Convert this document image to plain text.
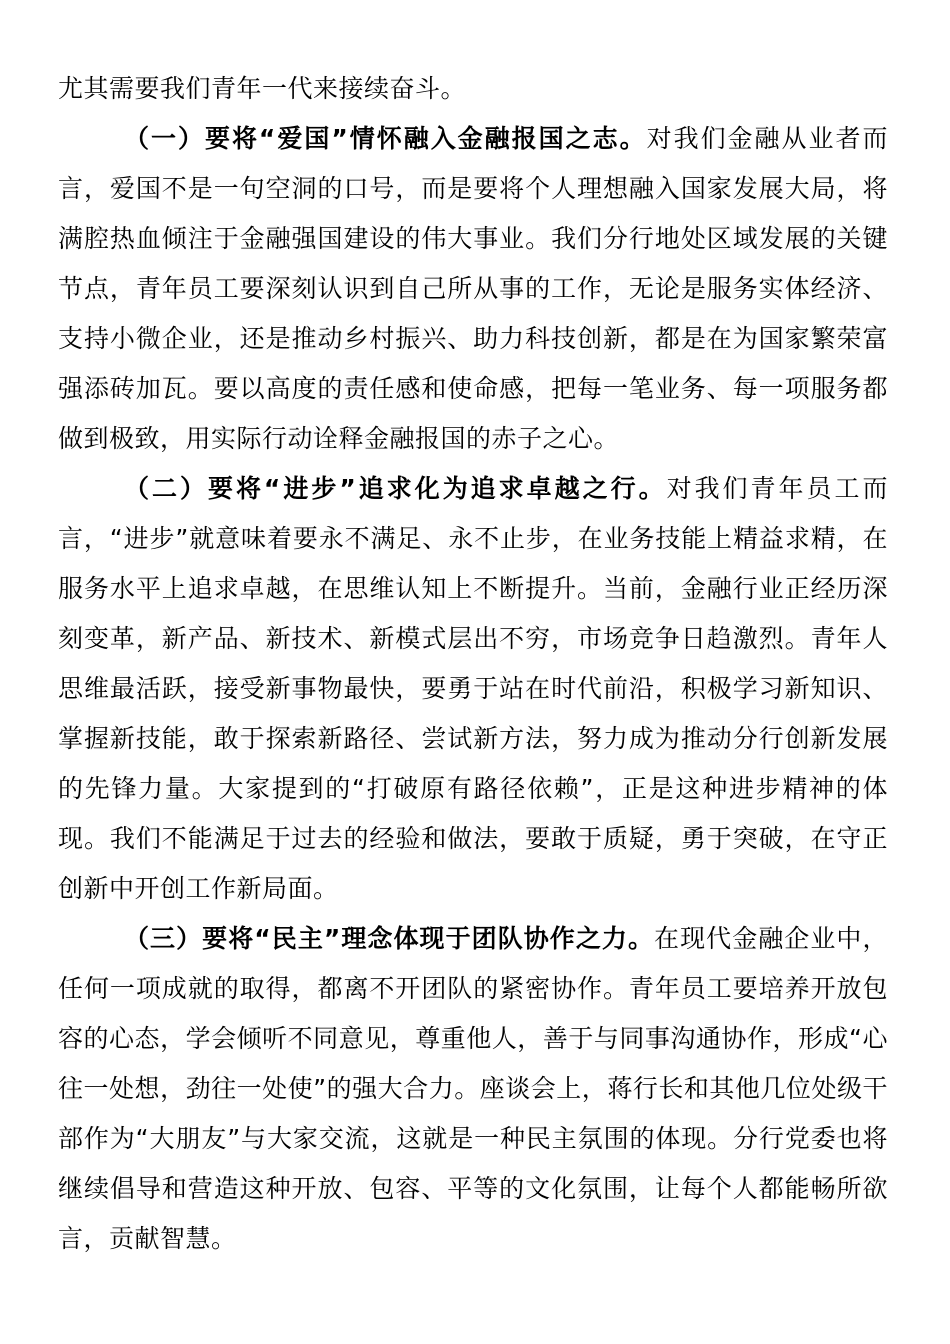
尤其需要我们青年一代来接续奋斗。

（一）要将“爱国”情怀融入金融报国之志。对我们金融从业者而言，爱国不是一句空洞的口号，而是要将个人理想融入国家发展大局，将满腔热血倾注于金融强国建设的伟大事业。我们分行地处区域发展的关键节点，青年员工要深刻认识到自己所从事的工作，无论是服务实体经济、支持小微企业，还是推动乡村振兴、助力科技创新，都是在为国家繁荣富强添砖加瓦。要以高度的责任感和使命感，把每一笔业务、每一项服务都做到极致，用实际行动诠释金融报国的赤子之心。

（二）要将“进步”追求化为追求卓越之行。对我们青年员工而言，“进步”就意味着要永不满足、永不止步，在业务技能上精益求精，在服务水平上追求卓越，在思维认知上不断提升。当前，金融行业正经历深刻变革，新产品、新技术、新模式层出不穷，市场竞争日趋激烈。青年人思维最活跃，接受新事物最快，要勇于站在时代前沿，积极学习新知识、掌握新技能，敢于探索新路径、尝试新方法，努力成为推动分行创新发展的先锋力量。大家提到的“打破原有路径依赖”，正是这种进步精神的体现。我们不能满足于过去的经验和做法，要敢于质疑，勇于突破，在守正创新中开创工作新局面。

（三）要将“民主”理念体现于团队协作之力。在现代金融企业中，任何一项成就的取得，都离不开团队的紧密协作。青年员工要培养开放包容的心态，学会倾听不同意见，尊重他人，善于与同事沟通协作，形成“心往一处想，劲往一处使”的强大合力。座谈会上，蒋行长和其他几位处级干部作为“大朋友”与大家交流，这就是一种民主氛围的体现。分行党委也将继续倡导和营造这种开放、包容、平等的文化氛围，让每个人都能畅所欲言，贡献智慧。
